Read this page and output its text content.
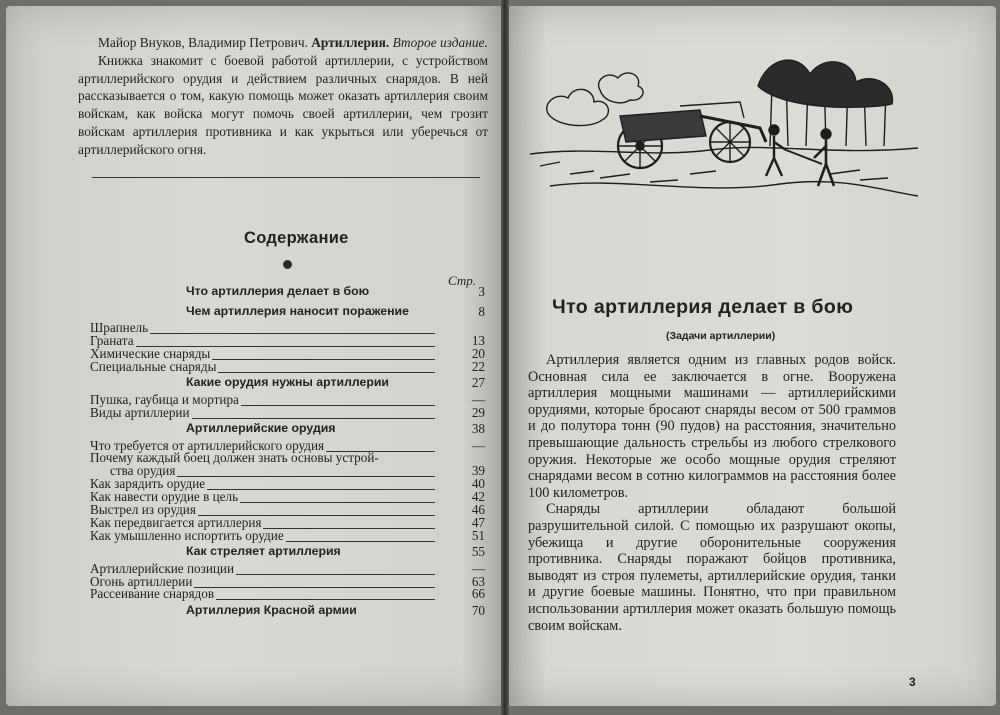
Майор Внуков, Владимир Петрович. Артиллерия. Второе издание.

Книжка знакомит с боевой работой артиллерии, с устройством артиллерийского орудия и действием различных снарядов. В ней рассказывается о том, какую помощь может оказать артиллерия своим войскам, как войска могут помочь своей артиллерии, чем грозит войскам артиллерия противника и как укрыться или уберечься от артиллерийского огня.

Содержание
Стр.
Что артиллерия делает в бою	3
Чем артиллерия наносит поражение	8
Шрапнель
Граната	13
Химические снаряды	20
Специальные снаряды	22
Какие орудия нужны артиллерии	27
Пушка, гаубица и мортира	—
Виды артиллерии	29
Артиллерийские орудия	38
Что требуется от артиллерийского орудия	—
Почему каждый боец должен знать основы устрой-
ства орудия	39
Как зарядить орудие	40
Как навести орудие в цель	42
Выстрел из орудия	46
Как передвигается артиллерия	47
Как умышленно испортить орудие	51
Как стреляет артиллерия	55
Артиллерийские позиции	—
Огонь артиллерии	63
Рассеивание снарядов	66
Артиллерия Красной армии	70
Что артиллерия делает в бою
(Задачи артиллерии)

Артиллерия является одним из главных родов войск. Основная сила ее заключается в огне. Вооружена артиллерия мощными машинами — артиллерийскими орудиями, которые бросают снаряды весом от 500 граммов и до полутора тонн (90 пудов) на расстояния, значительно превышающие дальность стрельбы из любого стрелкового оружия. Некоторые же особо мощные орудия стреляют снарядами весом в сотню килограммов на расстояния более 100 километров.

Снаряды артиллерии обладают большой разрушительной силой. С помощью их разрушают окопы, убежища и другие оборонительные сооружения противника. Снаряды поражают бойцов противника, выводят из строя пулеметы, артиллерийские орудия, танки и другие боевые машины. Понятно, что при правильном использовании артиллерия может оказать большую помощь своим войскам.

3
